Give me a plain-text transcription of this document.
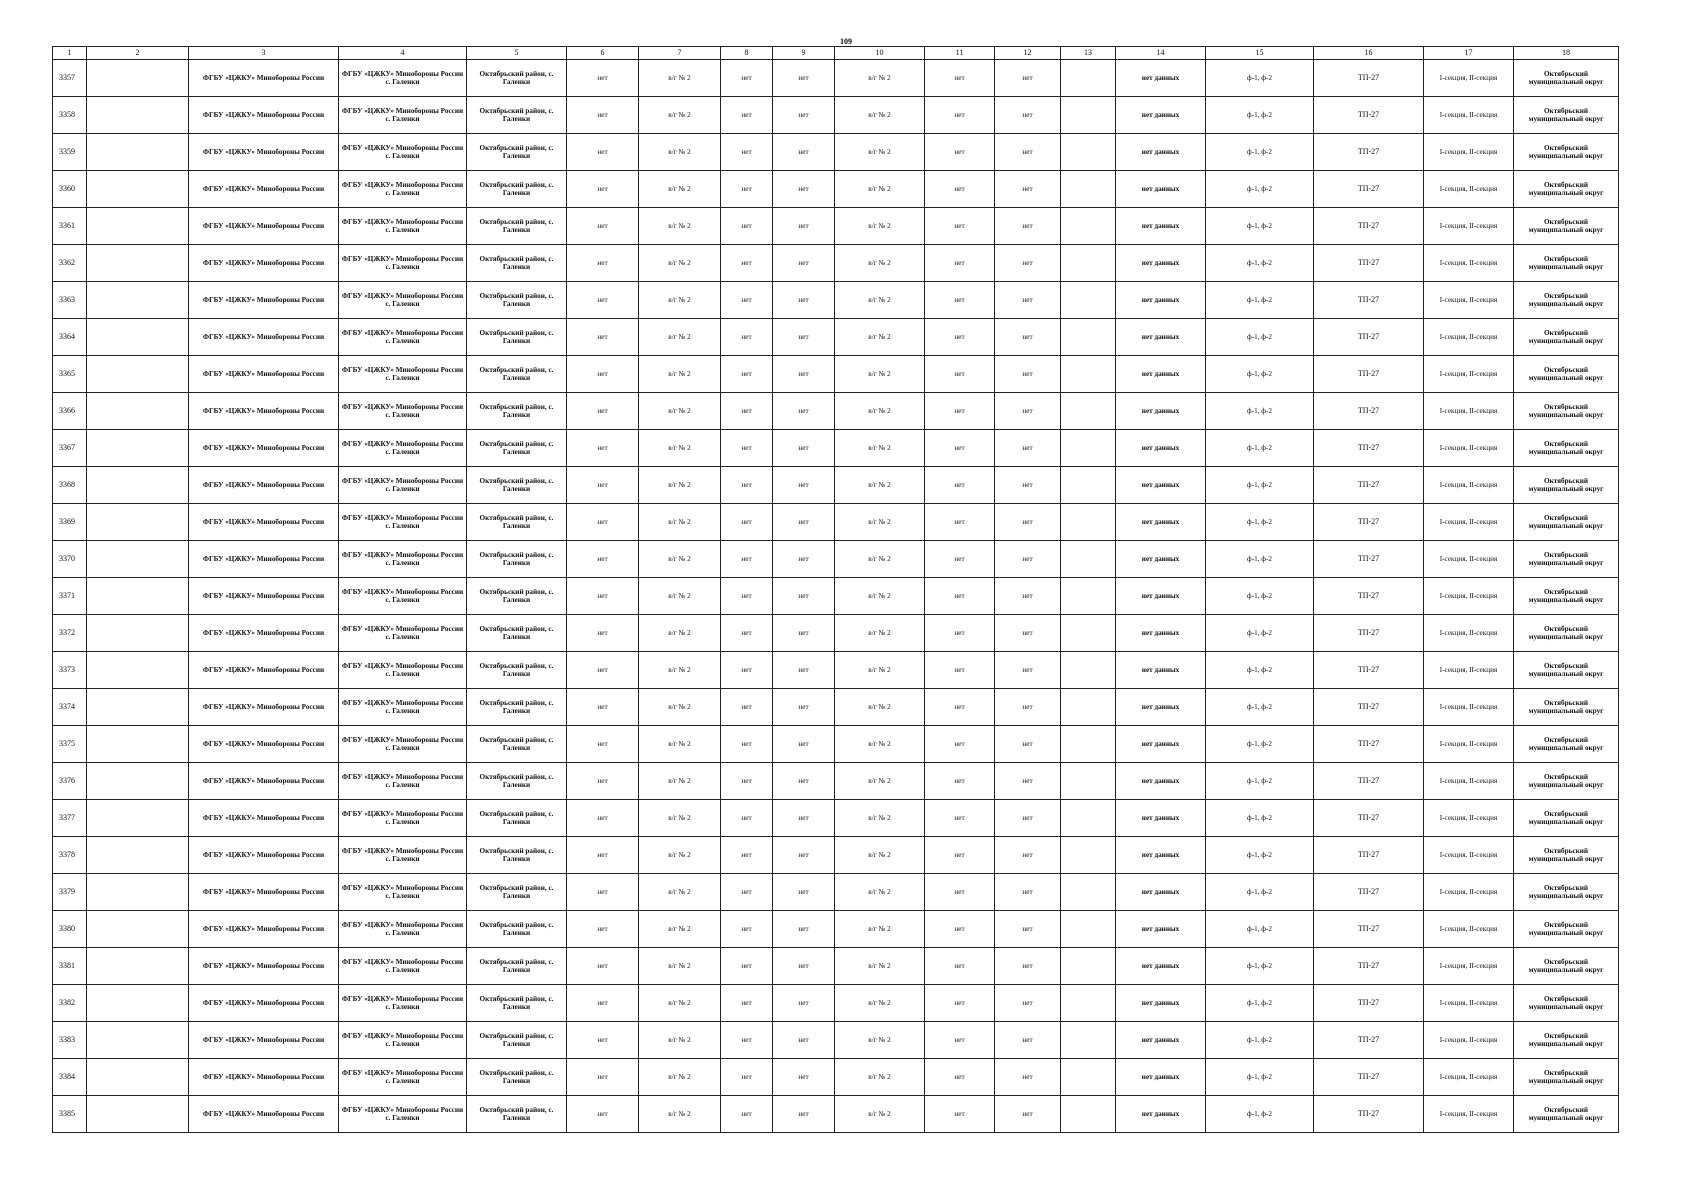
109
1	2	3	4	5	6	7	8	9	10	11	12	13	14	15	16	17	18
3357		ФГБУ «ЦЖКУ» Минобороны России	ФГБУ «ЦЖКУ» Минобороны России с. Галенки	Октябрьский район, с. Галенки	нет	в/г № 2	нет	нет	в/г № 2	нет	нет		нет данных	ф-1, ф-2	ТП-27	I-секция, II-секция	Октябрьский муниципальный округ
3358		ФГБУ «ЦЖКУ» Минобороны России	ФГБУ «ЦЖКУ» Минобороны России с. Галенки	Октябрьский район, с. Галенки	нет	в/г № 2	нет	нет	в/г № 2	нет	нет		нет данных	ф-1, ф-2	ТП-27	I-секция, II-секция	Октябрьский муниципальный округ
3359		ФГБУ «ЦЖКУ» Минобороны России	ФГБУ «ЦЖКУ» Минобороны России с. Галенки	Октябрьский район, с. Галенки	нет	в/г № 2	нет	нет	в/г № 2	нет	нет		нет данных	ф-1, ф-2	ТП-27	I-секция, II-секция	Октябрьский муниципальный округ
3360		ФГБУ «ЦЖКУ» Минобороны России	ФГБУ «ЦЖКУ» Минобороны России с. Галенки	Октябрьский район, с. Галенки	нет	в/г № 2	нет	нет	в/г № 2	нет	нет		нет данных	ф-1, ф-2	ТП-27	I-секция, II-секция	Октябрьский муниципальный округ
3361		ФГБУ «ЦЖКУ» Минобороны России	ФГБУ «ЦЖКУ» Минобороны России с. Галенки	Октябрьский район, с. Галенки	нет	в/г № 2	нет	нет	в/г № 2	нет	нет		нет данных	ф-1, ф-2	ТП-27	I-секция, II-секция	Октябрьский муниципальный округ
3362		ФГБУ «ЦЖКУ» Минобороны России	ФГБУ «ЦЖКУ» Минобороны России с. Галенки	Октябрьский район, с. Галенки	нет	в/г № 2	нет	нет	в/г № 2	нет	нет		нет данных	ф-1, ф-2	ТП-27	I-секция, II-секция	Октябрьский муниципальный округ
3363		ФГБУ «ЦЖКУ» Минобороны России	ФГБУ «ЦЖКУ» Минобороны России с. Галенки	Октябрьский район, с. Галенки	нет	в/г № 2	нет	нет	в/г № 2	нет	нет		нет данных	ф-1, ф-2	ТП-27	I-секция, II-секция	Октябрьский муниципальный округ
3364		ФГБУ «ЦЖКУ» Минобороны России	ФГБУ «ЦЖКУ» Минобороны России с. Галенки	Октябрьский район, с. Галенки	нет	в/г № 2	нет	нет	в/г № 2	нет	нет		нет данных	ф-1, ф-2	ТП-27	I-секция, II-секция	Октябрьский муниципальный округ
3365		ФГБУ «ЦЖКУ» Минобороны России	ФГБУ «ЦЖКУ» Минобороны России с. Галенки	Октябрьский район, с. Галенки	нет	в/г № 2	нет	нет	в/г № 2	нет	нет		нет данных	ф-1, ф-2	ТП-27	I-секция, II-секция	Октябрьский муниципальный округ
3366		ФГБУ «ЦЖКУ» Минобороны России	ФГБУ «ЦЖКУ» Минобороны России с. Галенки	Октябрьский район, с. Галенки	нет	в/г № 2	нет	нет	в/г № 2	нет	нет		нет данных	ф-1, ф-2	ТП-27	I-секция, II-секция	Октябрьский муниципальный округ
3367		ФГБУ «ЦЖКУ» Минобороны России	ФГБУ «ЦЖКУ» Минобороны России с. Галенки	Октябрьский район, с. Галенки	нет	в/г № 2	нет	нет	в/г № 2	нет	нет		нет данных	ф-1, ф-2	ТП-27	I-секция, II-секция	Октябрьский муниципальный округ
3368		ФГБУ «ЦЖКУ» Минобороны России	ФГБУ «ЦЖКУ» Минобороны России с. Галенки	Октябрьский район, с. Галенки	нет	в/г № 2	нет	нет	в/г № 2	нет	нет		нет данных	ф-1, ф-2	ТП-27	I-секция, II-секция	Октябрьский муниципальный округ
3369		ФГБУ «ЦЖКУ» Минобороны России	ФГБУ «ЦЖКУ» Минобороны России с. Галенки	Октябрьский район, с. Галенки	нет	в/г № 2	нет	нет	в/г № 2	нет	нет		нет данных	ф-1, ф-2	ТП-27	I-секция, II-секция	Октябрьский муниципальный округ
3370		ФГБУ «ЦЖКУ» Минобороны России	ФГБУ «ЦЖКУ» Минобороны России с. Галенки	Октябрьский район, с. Галенки	нет	в/г № 2	нет	нет	в/г № 2	нет	нет		нет данных	ф-1, ф-2	ТП-27	I-секция, II-секция	Октябрьский муниципальный округ
3371		ФГБУ «ЦЖКУ» Минобороны России	ФГБУ «ЦЖКУ» Минобороны России с. Галенки	Октябрьский район, с. Галенки	нет	в/г № 2	нет	нет	в/г № 2	нет	нет		нет данных	ф-1, ф-2	ТП-27	I-секция, II-секция	Октябрьский муниципальный округ
3372		ФГБУ «ЦЖКУ» Минобороны России	ФГБУ «ЦЖКУ» Минобороны России с. Галенки	Октябрьский район, с. Галенки	нет	в/г № 2	нет	нет	в/г № 2	нет	нет		нет данных	ф-1, ф-2	ТП-27	I-секция, II-секция	Октябрьский муниципальный округ
3373		ФГБУ «ЦЖКУ» Минобороны России	ФГБУ «ЦЖКУ» Минобороны России с. Галенки	Октябрьский район, с. Галенки	нет	в/г № 2	нет	нет	в/г № 2	нет	нет		нет данных	ф-1, ф-2	ТП-27	I-секция, II-секция	Октябрьский муниципальный округ
3374		ФГБУ «ЦЖКУ» Минобороны России	ФГБУ «ЦЖКУ» Минобороны России с. Галенки	Октябрьский район, с. Галенки	нет	в/г № 2	нет	нет	в/г № 2	нет	нет		нет данных	ф-1, ф-2	ТП-27	I-секция, II-секция	Октябрьский муниципальный округ
3375		ФГБУ «ЦЖКУ» Минобороны России	ФГБУ «ЦЖКУ» Минобороны России с. Галенки	Октябрьский район, с. Галенки	нет	в/г № 2	нет	нет	в/г № 2	нет	нет		нет данных	ф-1, ф-2	ТП-27	I-секция, II-секция	Октябрьский муниципальный округ
3376		ФГБУ «ЦЖКУ» Минобороны России	ФГБУ «ЦЖКУ» Минобороны России с. Галенки	Октябрьский район, с. Галенки	нет	в/г № 2	нет	нет	в/г № 2	нет	нет		нет данных	ф-1, ф-2	ТП-27	I-секция, II-секция	Октябрьский муниципальный округ
3377		ФГБУ «ЦЖКУ» Минобороны России	ФГБУ «ЦЖКУ» Минобороны России с. Галенки	Октябрьский район, с. Галенки	нет	в/г № 2	нет	нет	в/г № 2	нет	нет		нет данных	ф-1, ф-2	ТП-27	I-секция, II-секция	Октябрьский муниципальный округ
3378		ФГБУ «ЦЖКУ» Минобороны России	ФГБУ «ЦЖКУ» Минобороны России с. Галенки	Октябрьский район, с. Галенки	нет	в/г № 2	нет	нет	в/г № 2	нет	нет		нет данных	ф-1, ф-2	ТП-27	I-секция, II-секция	Октябрьский муниципальный округ
3379		ФГБУ «ЦЖКУ» Минобороны России	ФГБУ «ЦЖКУ» Минобороны России с. Галенки	Октябрьский район, с. Галенки	нет	в/г № 2	нет	нет	в/г № 2	нет	нет		нет данных	ф-1, ф-2	ТП-27	I-секция, II-секция	Октябрьский муниципальный округ
3380		ФГБУ «ЦЖКУ» Минобороны России	ФГБУ «ЦЖКУ» Минобороны России с. Галенки	Октябрьский район, с. Галенки	нет	в/г № 2	нет	нет	в/г № 2	нет	нет		нет данных	ф-1, ф-2	ТП-27	I-секция, II-секция	Октябрьский муниципальный округ
3381		ФГБУ «ЦЖКУ» Минобороны России	ФГБУ «ЦЖКУ» Минобороны России с. Галенки	Октябрьский район, с. Галенки	нет	в/г № 2	нет	нет	в/г № 2	нет	нет		нет данных	ф-1, ф-2	ТП-27	I-секция, II-секция	Октябрьский муниципальный округ
3382		ФГБУ «ЦЖКУ» Минобороны России	ФГБУ «ЦЖКУ» Минобороны России с. Галенки	Октябрьский район, с. Галенки	нет	в/г № 2	нет	нет	в/г № 2	нет	нет		нет данных	ф-1, ф-2	ТП-27	I-секция, II-секция	Октябрьский муниципальный округ
3383		ФГБУ «ЦЖКУ» Минобороны России	ФГБУ «ЦЖКУ» Минобороны России с. Галенки	Октябрьский район, с. Галенки	нет	в/г № 2	нет	нет	в/г № 2	нет	нет		нет данных	ф-1, ф-2	ТП-27	I-секция, II-секция	Октябрьский муниципальный округ
3384		ФГБУ «ЦЖКУ» Минобороны России	ФГБУ «ЦЖКУ» Минобороны России с. Галенки	Октябрьский район, с. Галенки	нет	в/г № 2	нет	нет	в/г № 2	нет	нет		нет данных	ф-1, ф-2	ТП-27	I-секция, II-секция	Октябрьский муниципальный округ
3385		ФГБУ «ЦЖКУ» Минобороны России	ФГБУ «ЦЖКУ» Минобороны России с. Галенки	Октябрьский район, с. Галенки	нет	в/г № 2	нет	нет	в/г № 2	нет	нет		нет данных	ф-1, ф-2	ТП-27	I-секция, II-секция	Октябрьский муниципальный округ
